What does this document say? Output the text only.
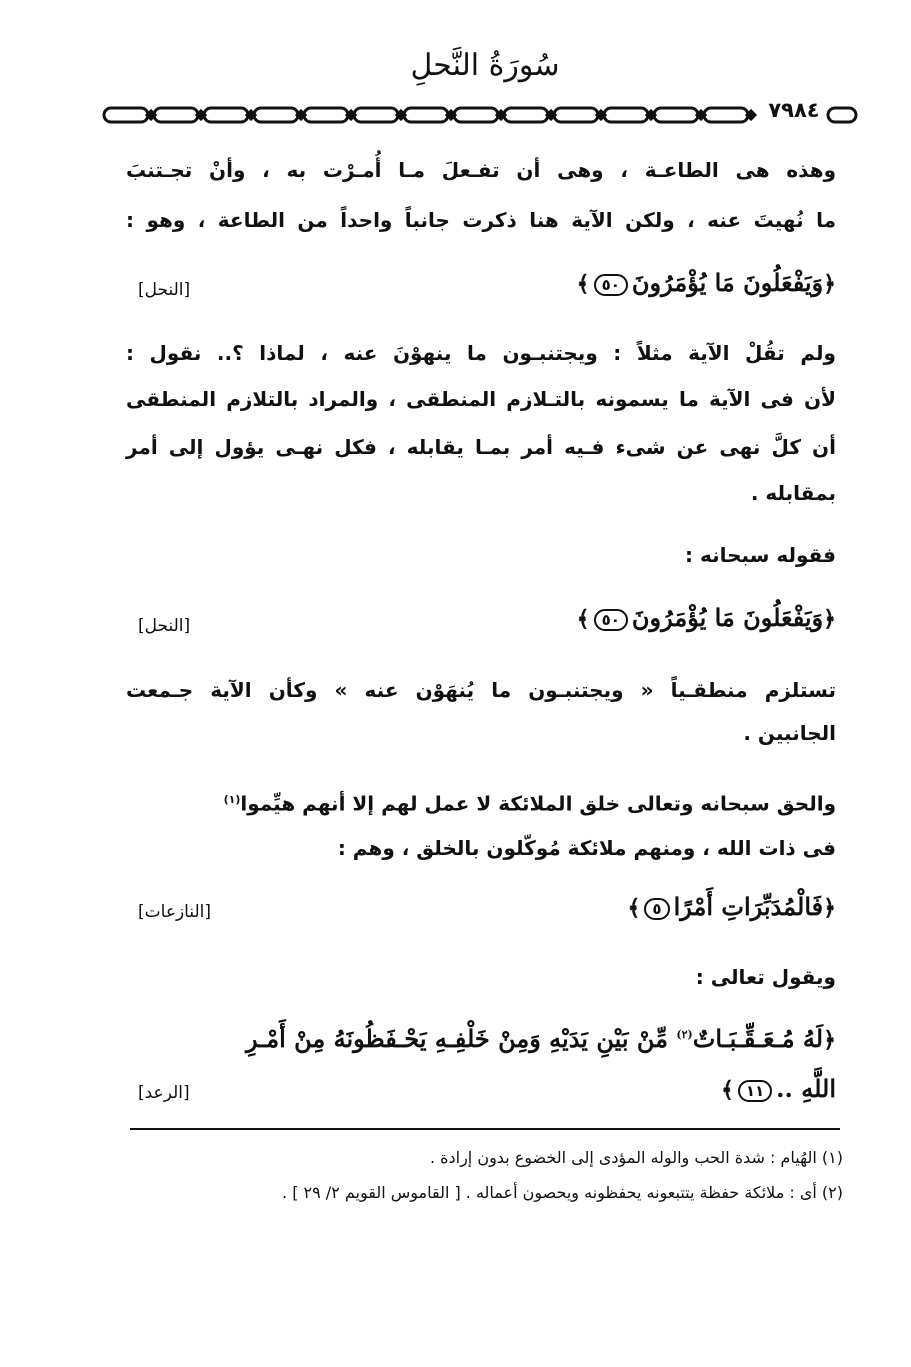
سُورَةُ النَّحلِ
٧٩٨٤
وهذه هى الطاعـة ، وهى أن تفـعلَ مـا أُمـرْت به ، وأنْ تجـتنبَ
ما نُهيتَ عنه ، ولكن الآية هنا ذكرت جانباً واحداً من الطاعة ، وهو :
﴿وَيَفْعَلُونَ مَا يُؤْمَرُونَ٥٠﴾
[النحل]
ولم تقُلْ الآية مثلاً : ويجتنبـون ما ينهوْنَ عنه ، لماذا ؟.. نقول :
لأن فى الآية ما يسمونه بالتـلازم المنطقى ، والمراد بالتلازم المنطقى
أن كلَّ نهى عن شىء فـيه أمر بمـا يقابله ، فكل نهـى يؤول إلى أمر
بمقابله .
فقوله سبحانه :
﴿وَيَفْعَلُونَ مَا يُؤْمَرُونَ٥٠﴾
[النحل]
تستلزم منطقـياً « ويجتنبـون ما يُنهَوْن عنه » وكأن الآية جـمعت
الجانبين .
والحق سبحانه وتعالى خلق الملائكة لا عمل لهم إلا أنهم هيِّموا$^{(١)}$
فى ذات الله ، ومنهم ملائكة مُوكّلون بالخلق ، وهم :
﴿فَالْمُدَبِّرَاتِ أَمْرًا٥﴾
[النازعات]
ويقول تعالى :
﴿لَهُ مُـعَـقِّـبَـاتٌ$^{(٢)}$ مِّنْ بَيْنِ يَدَيْهِ وَمِنْ خَلْفِـهِ يَحْـفَظُونَهُ مِنْ أَمْـرِ
اللَّهِ ..١١﴾
[الرعد]
(١) الهُيام : شدة الحب والوله المؤدى إلى الخضوع بدون إرادة .
(٢) أى : ملائكة حفظة يتتبعونه يحفظونه ويحصون أعماله . [ القاموس القويم ٢/ ٢٩ ] .
